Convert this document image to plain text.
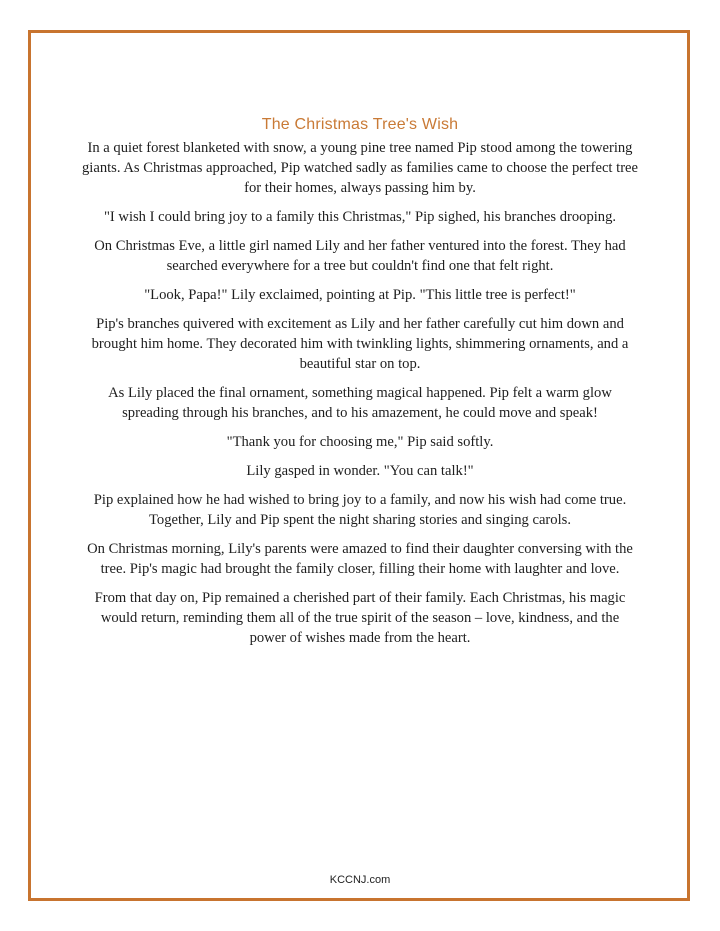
The Christmas Tree's Wish

In a quiet forest blanketed with snow, a young pine tree named Pip stood among the towering giants. As Christmas approached, Pip watched sadly as families came to choose the perfect tree for their homes, always passing him by.

"I wish I could bring joy to a family this Christmas," Pip sighed, his branches drooping.

On Christmas Eve, a little girl named Lily and her father ventured into the forest. They had searched everywhere for a tree but couldn't find one that felt right.

"Look, Papa!" Lily exclaimed, pointing at Pip. "This little tree is perfect!"

Pip's branches quivered with excitement as Lily and her father carefully cut him down and brought him home. They decorated him with twinkling lights, shimmering ornaments, and a beautiful star on top.

As Lily placed the final ornament, something magical happened. Pip felt a warm glow spreading through his branches, and to his amazement, he could move and speak!

"Thank you for choosing me," Pip said softly.

Lily gasped in wonder. "You can talk!"

Pip explained how he had wished to bring joy to a family, and now his wish had come true. Together, Lily and Pip spent the night sharing stories and singing carols.

On Christmas morning, Lily's parents were amazed to find their daughter conversing with the tree. Pip's magic had brought the family closer, filling their home with laughter and love.

From that day on, Pip remained a cherished part of their family. Each Christmas, his magic would return, reminding them all of the true spirit of the season – love, kindness, and the power of wishes made from the heart.

KCCNJ.com
